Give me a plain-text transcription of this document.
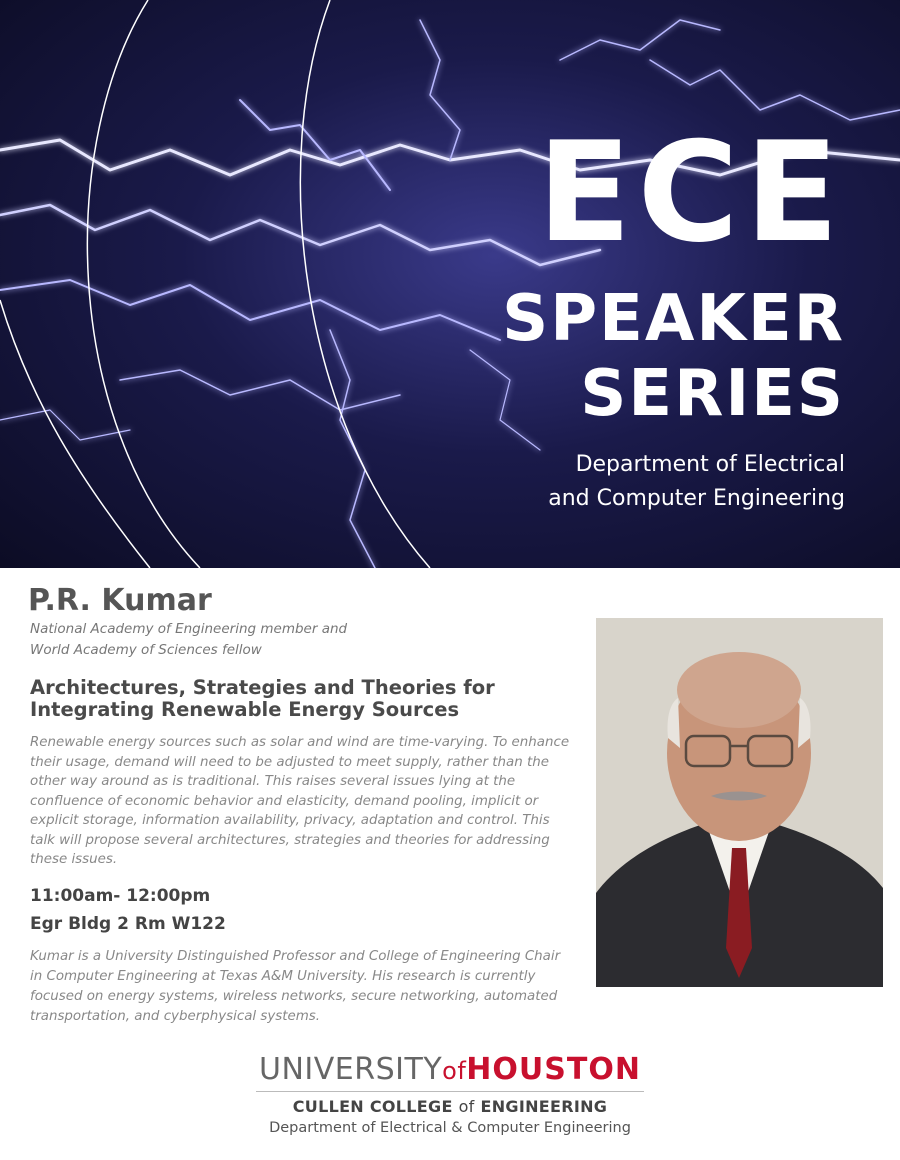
ECE
SPEAKER
SERIES
Department of Electrical
and Computer Engineering
P.R. Kumar
National Academy of Engineering member and
World Academy of Sciences fellow
Architectures, Strategies and Theories for
Integrating Renewable Energy Sources
Renewable energy sources such as solar and wind are time-varying. To enhance their usage, demand will need to be adjusted to meet supply, rather than the other way around as is traditional. This raises several issues lying at the confluence of economic behavior and elasticity, demand pooling, implicit or explicit storage, information availability, privacy, adaptation and control. This talk will propose several architectures, strategies and theories for addressing these issues.
11:00am- 12:00pm
Egr Bldg 2 Rm W122
Kumar is a University Distinguished Professor and College of Engineering Chair in Computer Engineering at Texas A&M University. His research is currently focused on energy systems, wireless networks, secure networking, automated transportation, and cyberphysical systems.
UNIVERSITYofHOUSTON
CULLEN COLLEGE of ENGINEERING
Department of Electrical & Computer Engineering
